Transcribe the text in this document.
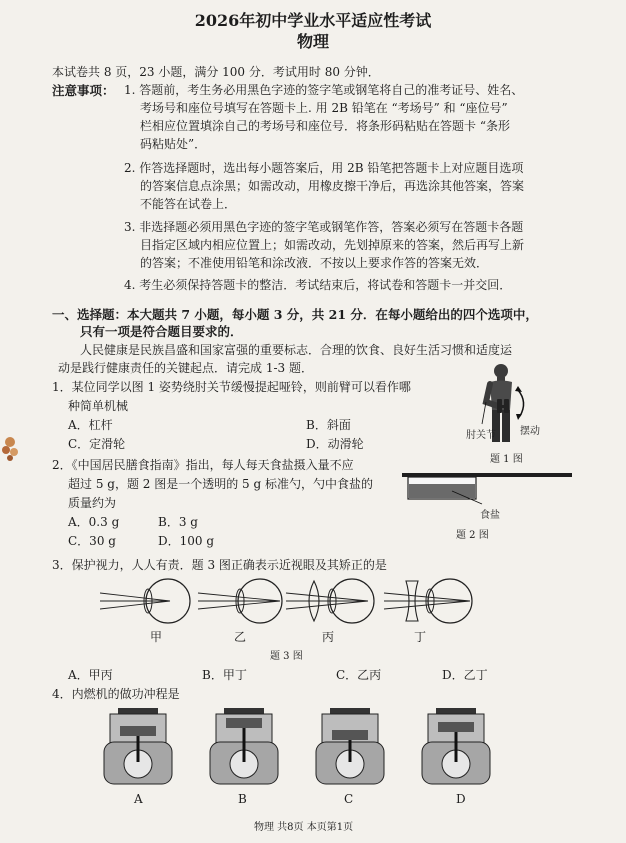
2026年初中学业水平适应性考试
物理
本试卷共 8 页，23 小题，满分 100 分．考试用时 80 分钟．
注意事项： 1. 答题前，考生务必用黑色字迹的签字笔或钢笔将自己的准考证号、姓名、
考场号和座位号填写在答题卡上. 用 2B 铅笔在 “考场号” 和 “座位号”
栏相应位置填涂自己的考场号和座位号．将条形码粘贴在答题卡 “条形
码粘贴处”．
2. 作答选择题时，选出每小题答案后，用 2B 铅笔把答题卡上对应题目选项
的答案信息点涂黑；如需改动，用橡皮擦干净后，再选涂其他答案，答案
不能答在试卷上．
3. 非选择题必须用黑色字迹的签字笔或钢笔作答，答案必须写在答题卡各题
目指定区域内相应位置上；如需改动，先划掉原来的答案，然后再写上新
的答案；不准使用铅笔和涂改液．不按以上要求作答的答案无效．
4. 考生必须保持答题卡的整洁．考试结束后，将试卷和答题卡一并交回．
一、选择题：本大题共 7 小题，每小题 3 分，共 21 分．在每小题给出的四个选项中，
只有一项是符合题目要求的．
人民健康是民族昌盛和国家富强的重要标志．合理的饮食、良好生活习惯和适度运
动是践行健康责任的关键起点．请完成 1-3 题．
1．某位同学以图 1 姿势绕肘关节缓慢提起哑铃，则前臂可以看作哪
种简单机械
A．杠杆	B．斜面
C．定滑轮	D．动滑轮
肘关节 摆动
题 1 图
2．《中国居民膳食指南》指出，每人每天食盐摄入量不应
超过 5 g，题 2 图是一个透明的 5 g 标准勺，勺中食盐的
质量约为
A．0.3 g	B．3 g
C．30 g	D．100 g
食盐
题 2 图
3．保护视力，人人有责．题 3 图正确表示近视眼及其矫正的是
甲	乙	丙	丁
题 3 图
A．甲丙	B．甲丁	C．乙丙	D．乙丁
4．内燃机的做功冲程是
A	B	C	D
物理 共8页 本页第1页
